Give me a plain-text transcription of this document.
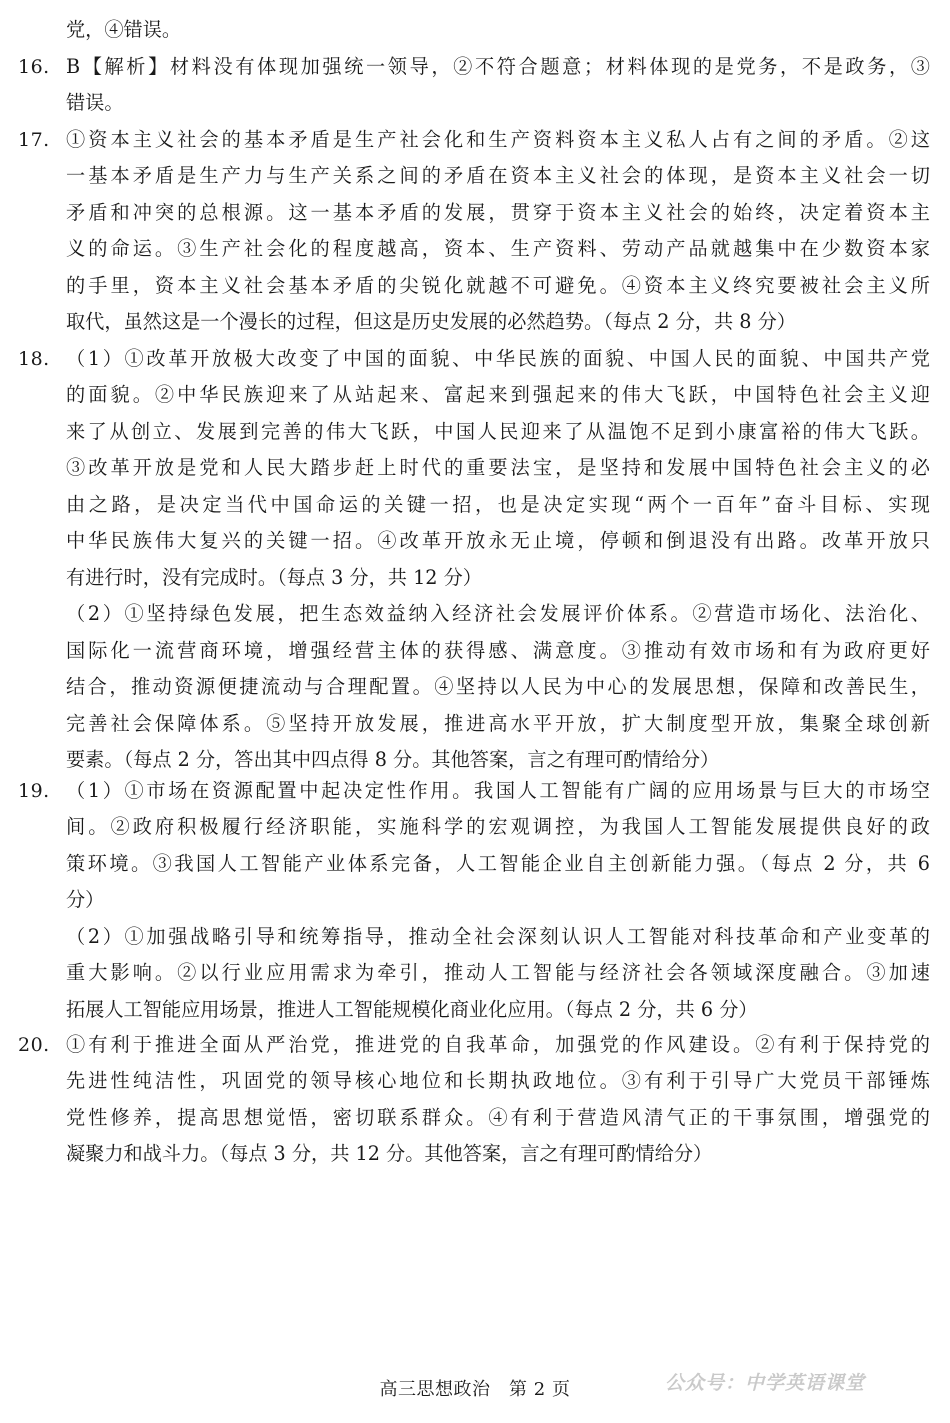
党，④错误。
16. B【解析】材料没有体现加强统一领导，②不符合题意；材料体现的是党务，不是政务，③
错误。
17. ①资本主义社会的基本矛盾是生产社会化和生产资料资本主义私人占有之间的矛盾。②这
一基本矛盾是生产力与生产关系之间的矛盾在资本主义社会的体现，是资本主义社会一切
矛盾和冲突的总根源。这一基本矛盾的发展，贯穿于资本主义社会的始终，决定着资本主
义的命运。③生产社会化的程度越高，资本、生产资料、劳动产品就越集中在少数资本家
的手里，资本主义社会基本矛盾的尖锐化就越不可避免。④资本主义终究要被社会主义所
取代，虽然这是一个漫长的过程，但这是历史发展的必然趋势。（每点 2 分，共 8 分）
18. （1）①改革开放极大改变了中国的面貌、中华民族的面貌、中国人民的面貌、中国共产党
的面貌。②中华民族迎来了从站起来、富起来到强起来的伟大飞跃，中国特色社会主义迎
来了从创立、发展到完善的伟大飞跃，中国人民迎来了从温饱不足到小康富裕的伟大飞跃。
③改革开放是党和人民大踏步赶上时代的重要法宝，是坚持和发展中国特色社会主义的必
由之路，是决定当代中国命运的关键一招，也是决定实现“两个一百年”奋斗目标、实现
中华民族伟大复兴的关键一招。④改革开放永无止境，停顿和倒退没有出路。改革开放只
有进行时，没有完成时。（每点 3 分，共 12 分）
（2）①坚持绿色发展，把生态效益纳入经济社会发展评价体系。②营造市场化、法治化、
国际化一流营商环境，增强经营主体的获得感、满意度。③推动有效市场和有为政府更好
结合，推动资源便捷流动与合理配置。④坚持以人民为中心的发展思想，保障和改善民生，
完善社会保障体系。⑤坚持开放发展，推进高水平开放，扩大制度型开放，集聚全球创新
要素。（每点 2 分，答出其中四点得 8 分。其他答案，言之有理可酌情给分）
19. （1）①市场在资源配置中起决定性作用。我国人工智能有广阔的应用场景与巨大的市场空
间。②政府积极履行经济职能，实施科学的宏观调控，为我国人工智能发展提供良好的政
策环境。③我国人工智能产业体系完备，人工智能企业自主创新能力强。（每点 2 分，共 6
分）
（2）①加强战略引导和统筹指导，推动全社会深刻认识人工智能对科技革命和产业变革的
重大影响。②以行业应用需求为牵引，推动人工智能与经济社会各领域深度融合。③加速
拓展人工智能应用场景，推进人工智能规模化商业化应用。（每点 2 分，共 6 分）
20. ①有利于推进全面从严治党，推进党的自我革命，加强党的作风建设。②有利于保持党的
先进性纯洁性，巩固党的领导核心地位和长期执政地位。③有利于引导广大党员干部锤炼
党性修养，提高思想觉悟，密切联系群众。④有利于营造风清气正的干事氛围，增强党的
凝聚力和战斗力。（每点 3 分，共 12 分。其他答案，言之有理可酌情给分）
高三思想政治　第 2 页	公众号：中学英语课堂
